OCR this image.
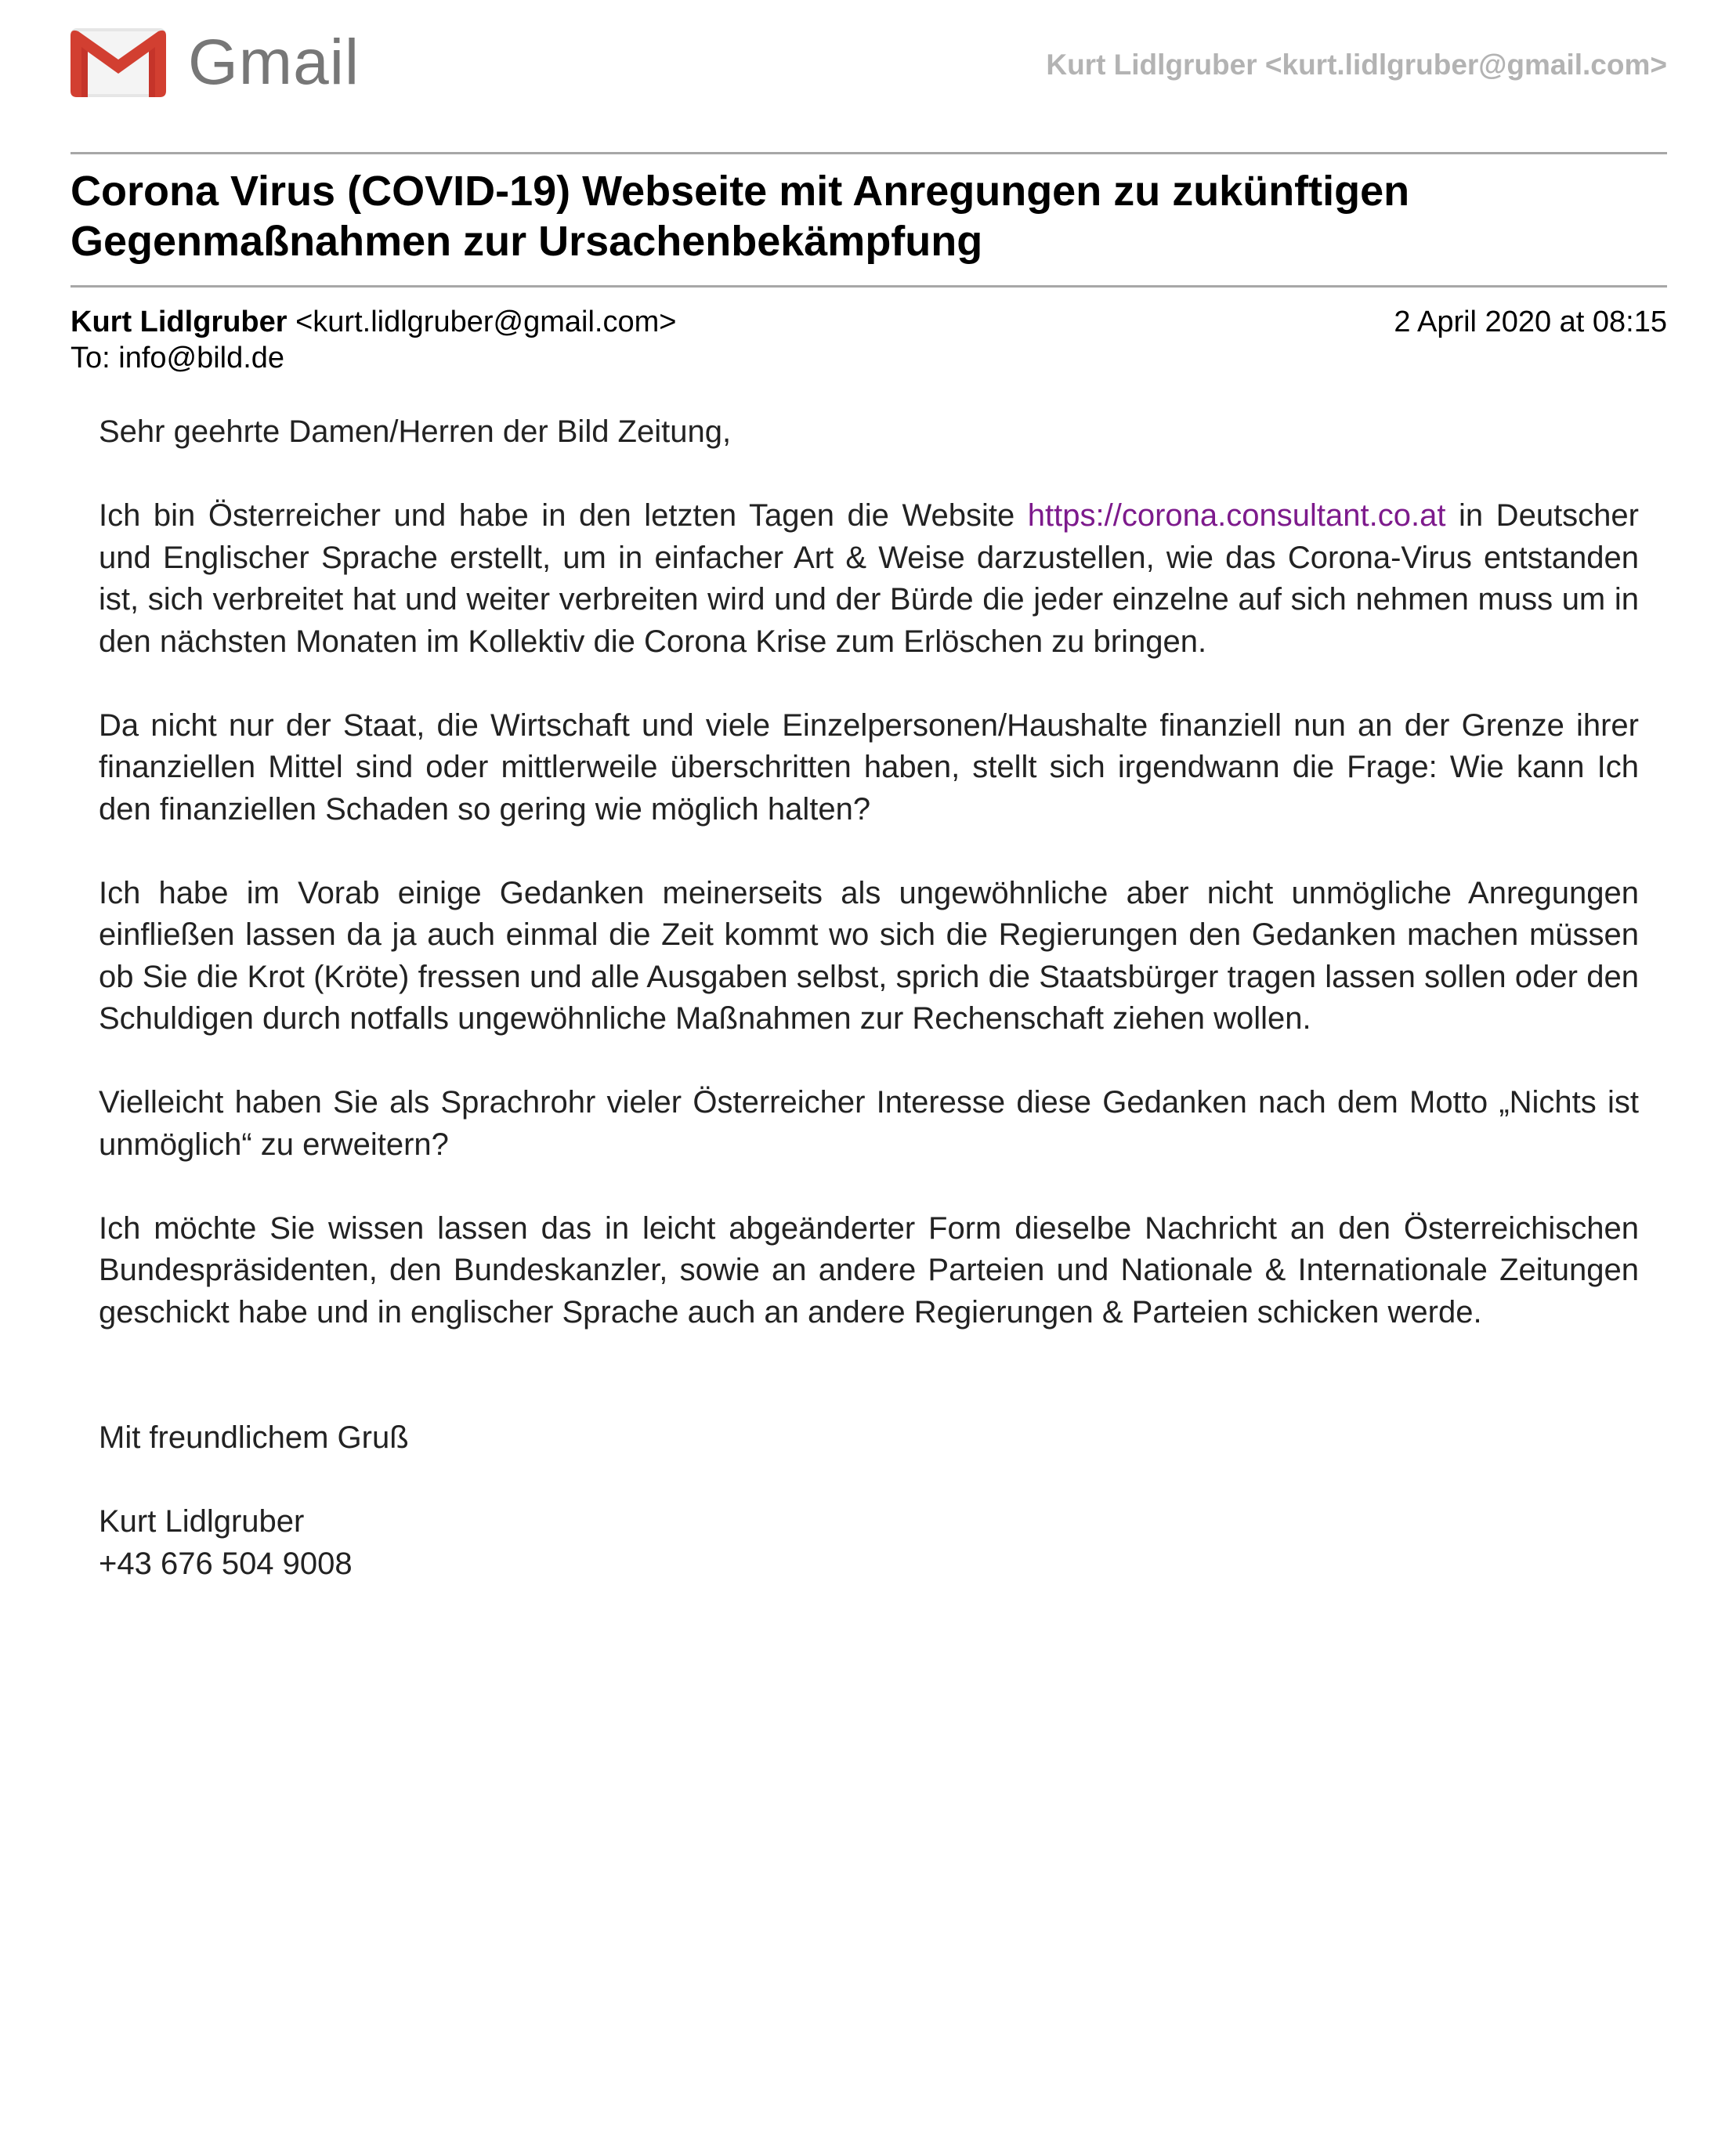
Gmail	Kurt Lidlgruber <kurt.lidlgruber@gmail.com>
Corona Virus (COVID-19) Webseite mit Anregungen zu zukünftigen Gegenmaßnahmen zur Ursachenbekämpfung
Kurt Lidlgruber <kurt.lidlgruber@gmail.com>	2 April 2020 at 08:15
To: info@bild.de

Sehr geehrte Damen/Herren der Bild Zeitung,

Ich bin Österreicher und habe in den letzten Tagen die Website https://corona.consultant.co.at in Deutscher und Englischer Sprache erstellt, um in einfacher Art & Weise darzustellen, wie das Corona-Virus entstanden ist, sich verbreitet hat und weiter verbreiten wird und der Bürde die jeder einzelne auf sich nehmen muss um in den nächsten Monaten im Kollektiv die Corona Krise zum Erlöschen zu bringen.

Da nicht nur der Staat, die Wirtschaft und viele Einzelpersonen/Haushalte finanziell nun an der Grenze ihrer finanziellen Mittel sind oder mittlerweile überschritten haben, stellt sich irgendwann die Frage: Wie kann Ich den finanziellen Schaden so gering wie möglich halten?

Ich habe im Vorab einige Gedanken meinerseits als ungewöhnliche aber nicht unmögliche Anregungen einfließen lassen da ja auch einmal die Zeit kommt wo sich die Regierungen den Gedanken machen müssen ob Sie die Krot (Kröte) fressen und alle Ausgaben selbst, sprich die Staatsbürger tragen lassen sollen oder den Schuldigen durch notfalls ungewöhnliche Maßnahmen zur Rechenschaft ziehen wollen.

Vielleicht haben Sie als Sprachrohr vieler Österreicher Interesse diese Gedanken nach dem Motto „Nichts ist unmöglich“ zu erweitern?

Ich möchte Sie wissen lassen das in leicht abgeänderter Form dieselbe Nachricht an den Österreichischen Bundespräsidenten, den Bundeskanzler, sowie an andere Parteien und Nationale & Internationale Zeitungen geschickt habe und in englischer Sprache auch an andere Regierungen & Parteien schicken werde.

Mit freundlichem Gruß

Kurt Lidlgruber
+43 676 504 9008
